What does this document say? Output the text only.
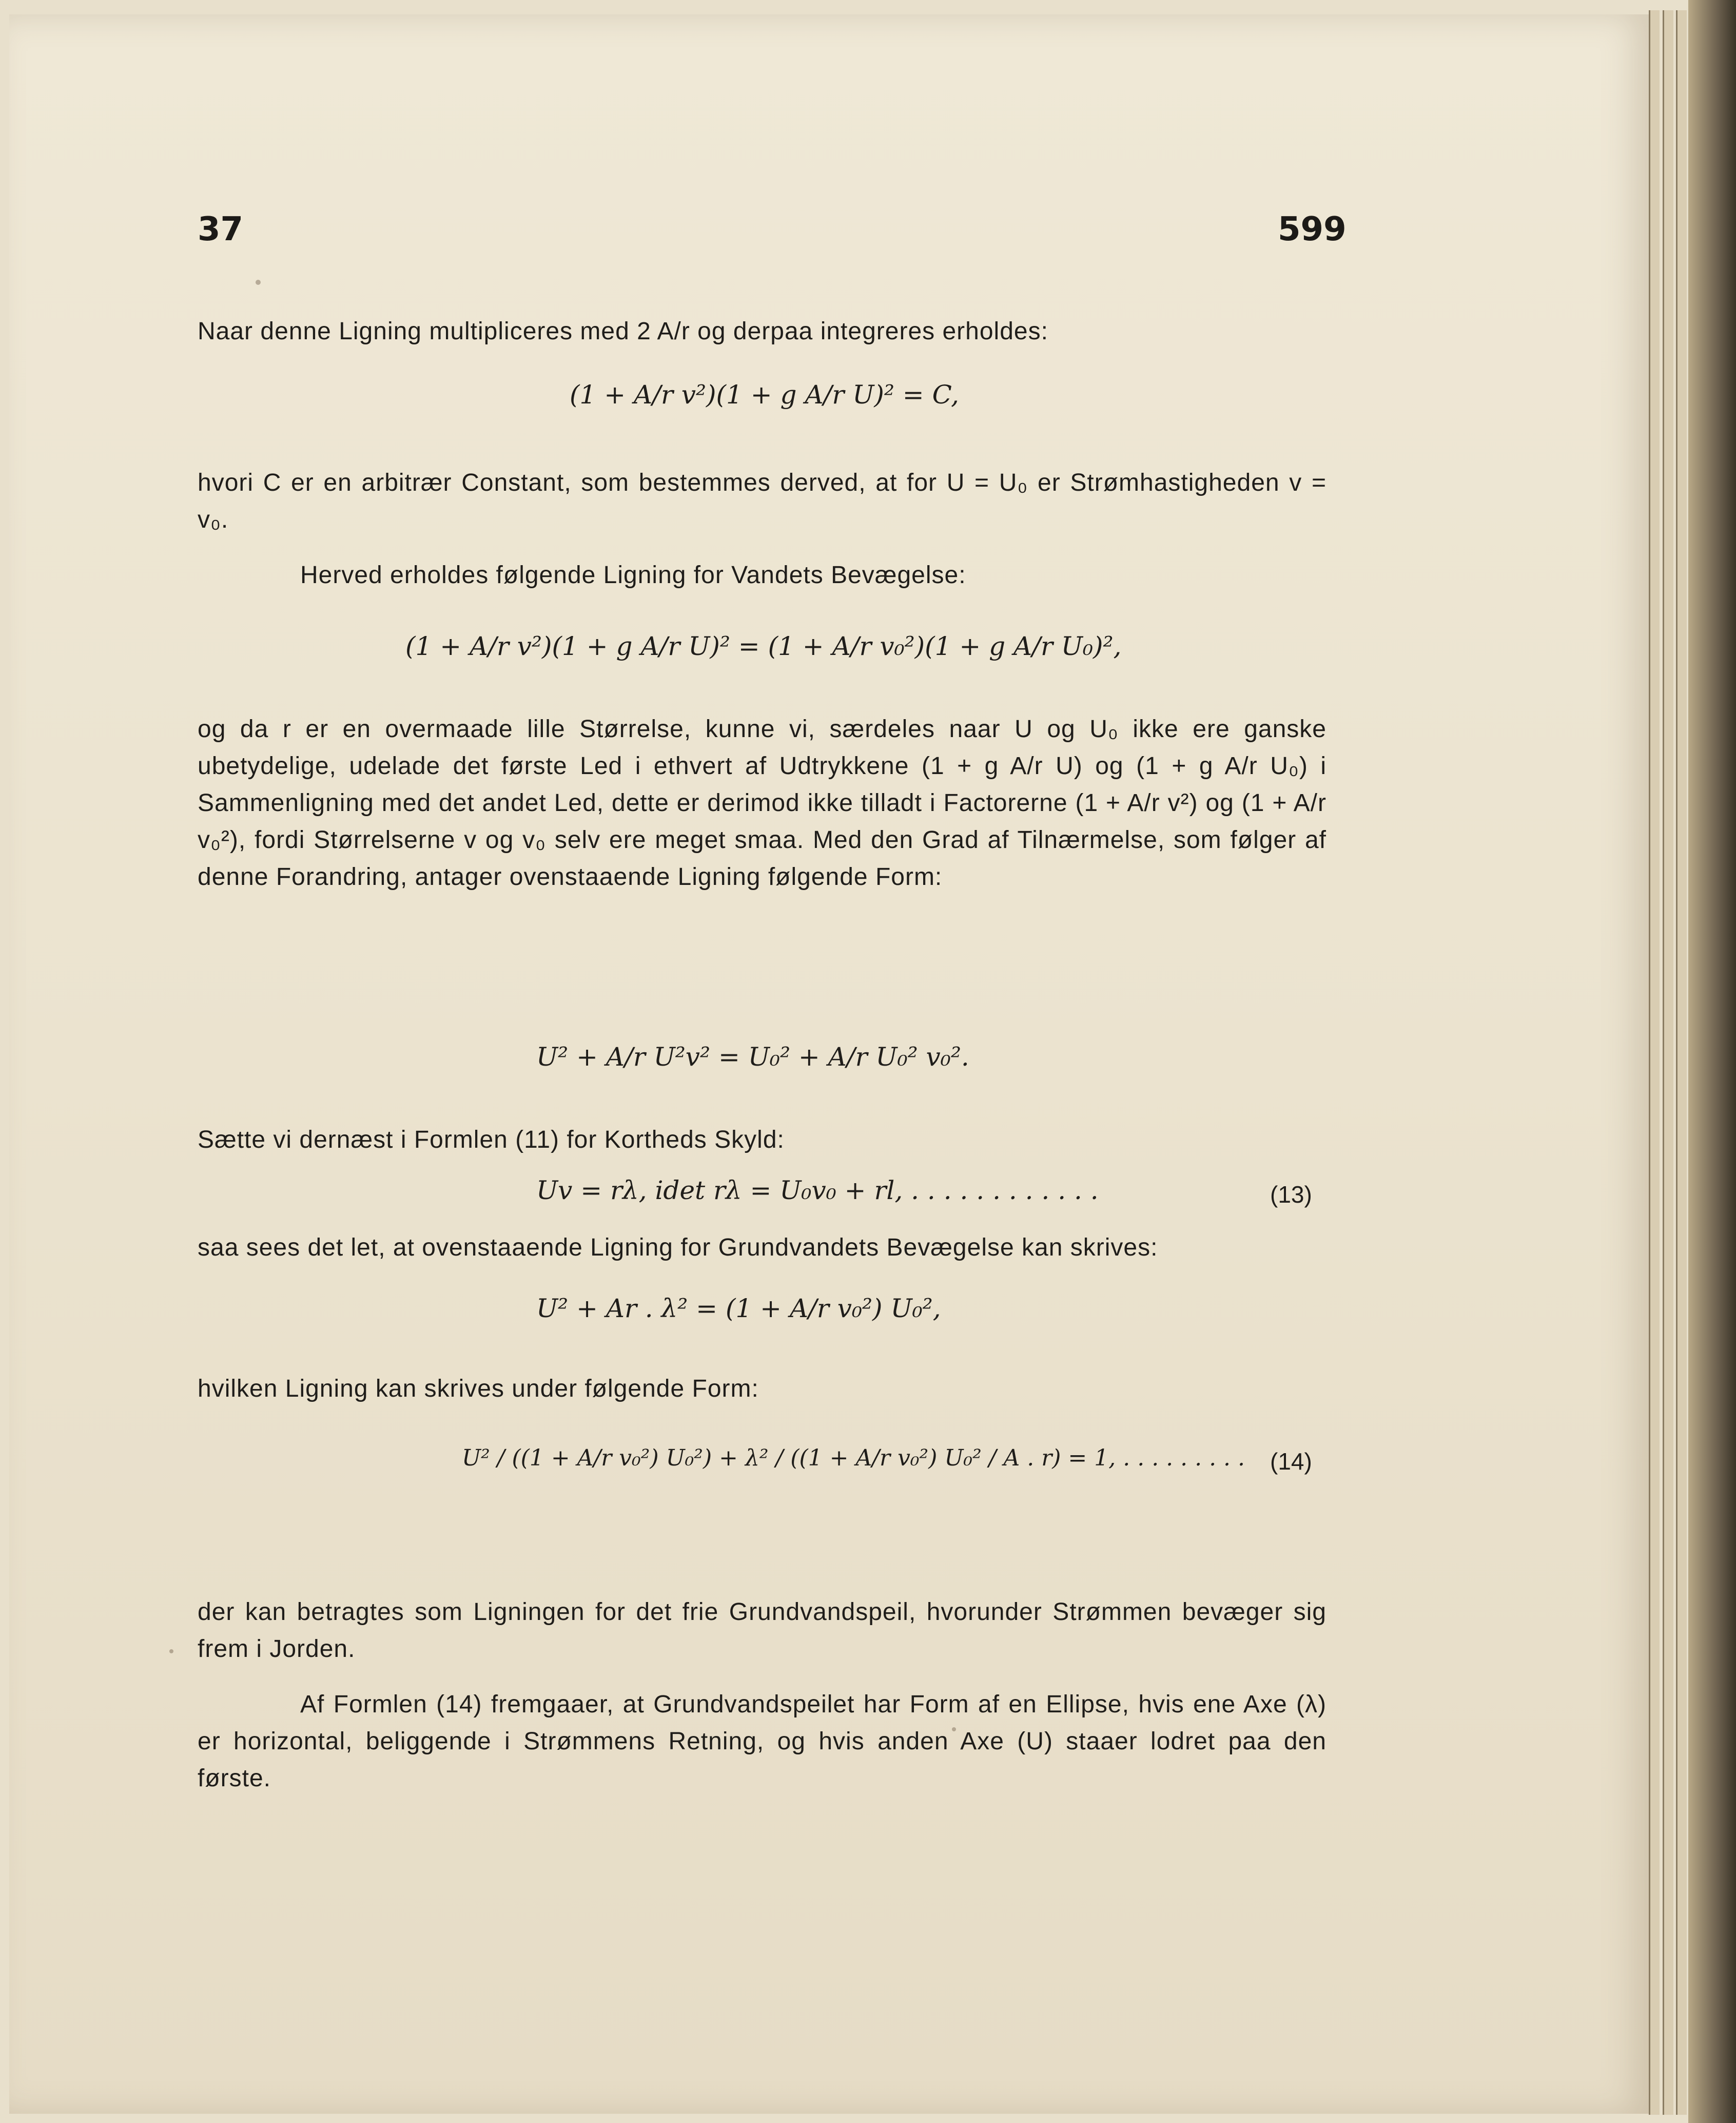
37	599

Naar denne Ligning multipliceres med 2 A/r og derpaa integreres erholdes:

(1 + A/r v²)(1 + g A/r U)² = C,

hvori C er en arbitrær Constant, som bestemmes derved, at for U = U₀ er Strømhastigheden v = v₀.

Herved erholdes følgende Ligning for Vandets Bevægelse:

(1 + A/r v²)(1 + g A/r U)² = (1 + A/r v₀²)(1 + g A/r U₀)²,

og da r er en overmaade lille Størrelse, kunne vi, særdeles naar U og U₀ ikke ere ganske ubetydelige, udelade det første Led i ethvert af Udtrykkene (1 + g A/r U) og (1 + g A/r U₀) i Sammenligning med det andet Led, dette er derimod ikke tilladt i Factorerne (1 + A/r v²) og (1 + A/r v₀²), fordi Størrelserne v og v₀ selv ere meget smaa. Med den Grad af Tilnærmelse, som følger af denne Forandring, antager ovenstaaende Ligning følgende Form:

U² + A/r U²v² = U₀² + A/r U₀² v₀².

Sætte vi dernæst i Formlen (11) for Kortheds Skyld:

Uv = rλ, idet rλ = U₀v₀ + rl, . . . . . . . . . . . .	(13)

saa sees det let, at ovenstaaende Ligning for Grundvandets Bevægelse kan skrives:

U² + Ar . λ² = (1 + A/r v₀²) U₀²,

hvilken Ligning kan skrives under følgende Form:

U² / ((1 + A/r v₀²) U₀²) + λ² / ((1 + A/r v₀²) U₀² / A . r) = 1, . . . . . . . . . (14)

der kan betragtes som Ligningen for det frie Grundvandspeil, hvorunder Strømmen bevæger sig frem i Jorden.

Af Formlen (14) fremgaaer, at Grundvandspeilet har Form af en Ellipse, hvis ene Axe (λ) er horizontal, beliggende i Strømmens Retning, og hvis anden Axe (U) staaer lodret paa den første.
